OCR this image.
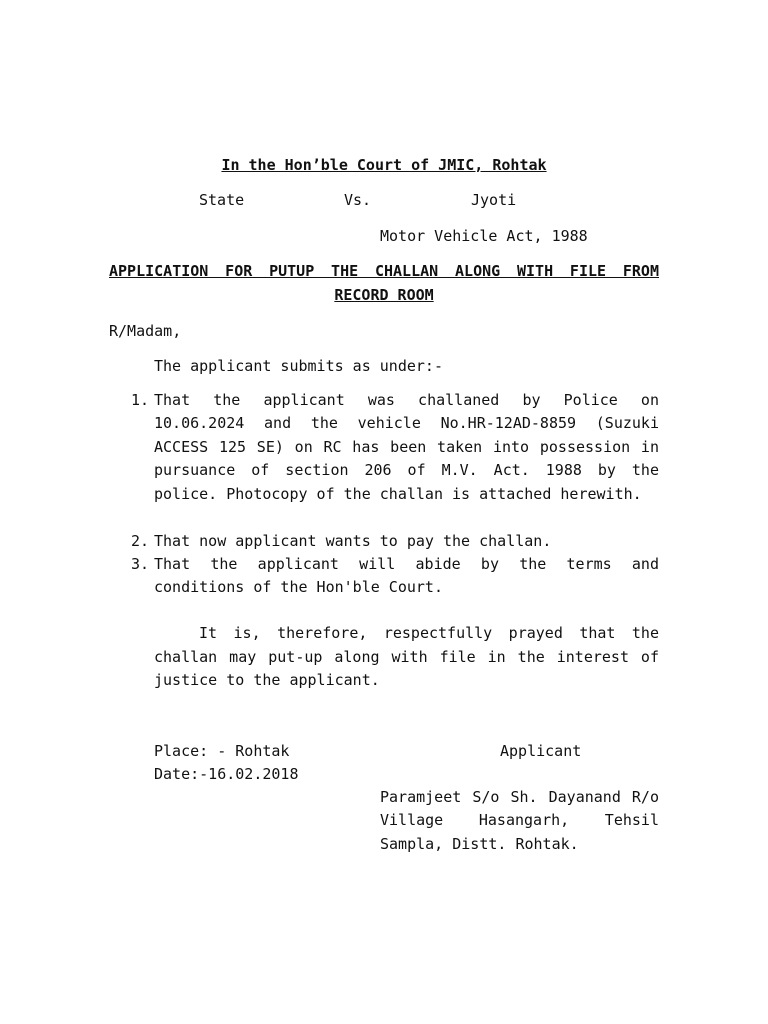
In the Hon’ble Court of JMIC, Rohtak
State	Vs.	Jyoti
Motor Vehicle Act, 1988
APPLICATION FOR PUTUP THE CHALLAN ALONG WITH FILE FROM
RECORD ROOM
R/Madam,
The applicant submits as under:-
1. That the applicant was challaned by Police on 10.06.2024 and the vehicle No.HR-12AD-8859 (Suzuki ACCESS 125 SE) on RC has been taken into possession in pursuance of section 206 of M.V. Act. 1988 by the police. Photocopy of the challan is attached herewith.
2. That now applicant wants to pay the challan.
3. That the applicant will abide by the terms and conditions of the Hon'ble Court.
It is, therefore, respectfully prayed that the challan may put-up along with file in the interest of justice to the applicant.
Place: - Rohtak	Applicant
Date:-16.02.2018
Paramjeet S/o Sh. Dayanand R/o Village Hasangarh, Tehsil Sampla, Distt. Rohtak.
